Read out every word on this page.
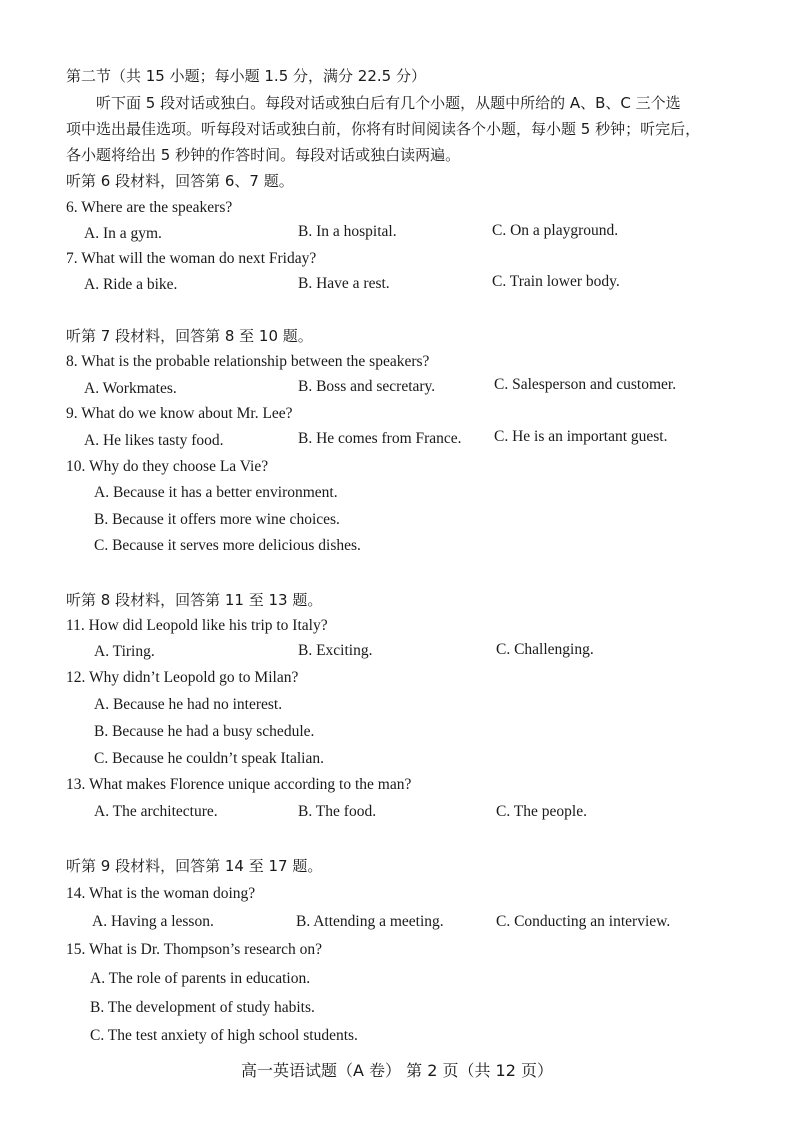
第二节（共 15 小题；每小题 1.5 分，满分 22.5 分）
听下面 5 段对话或独白。每段对话或独白后有几个小题，从题中所给的 A、B、C 三个选
项中选出最佳选项。听每段对话或独白前，你将有时间阅读各个小题，每小题 5 秒钟；听完后，
各小题将给出 5 秒钟的作答时间。每段对话或独白读两遍。
听第 6 段材料，回答第 6、7 题。
6. Where are the speakers?
A. In a gym.	B. In a hospital.	C. On a playground.
7. What will the woman do next Friday?
A. Ride a bike.	B. Have a rest.	C. Train lower body.
听第 7 段材料，回答第 8 至 10 题。
8. What is the probable relationship between the speakers?
A. Workmates.	B. Boss and secretary.	C. Salesperson and customer.
9. What do we know about Mr. Lee?
A. He likes tasty food.	B. He comes from France. C. He is an important guest.
10. Why do they choose La Vie?
A. Because it has a better environment.
B. Because it offers more wine choices.
C. Because it serves more delicious dishes.
听第 8 段材料，回答第 11 至 13 题。
11. How did Leopold like his trip to Italy?
A. Tiring.	B. Exciting.	C. Challenging.
12. Why didn’t Leopold go to Milan?
A. Because he had no interest.
B. Because he had a busy schedule.
C. Because he couldn’t speak Italian.
13. What makes Florence unique according to the man?
A. The architecture.	B. The food.	C. The people.
听第 9 段材料，回答第 14 至 17 题。
14. What is the woman doing?
A. Having a lesson.	B. Attending a meeting.	C. Conducting an interview.
15. What is Dr. Thompson’s research on?
A. The role of parents in education.
B. The development of study habits.
C. The test anxiety of high school students.
高一英语试题（A 卷） 第 2 页（共 12 页）
